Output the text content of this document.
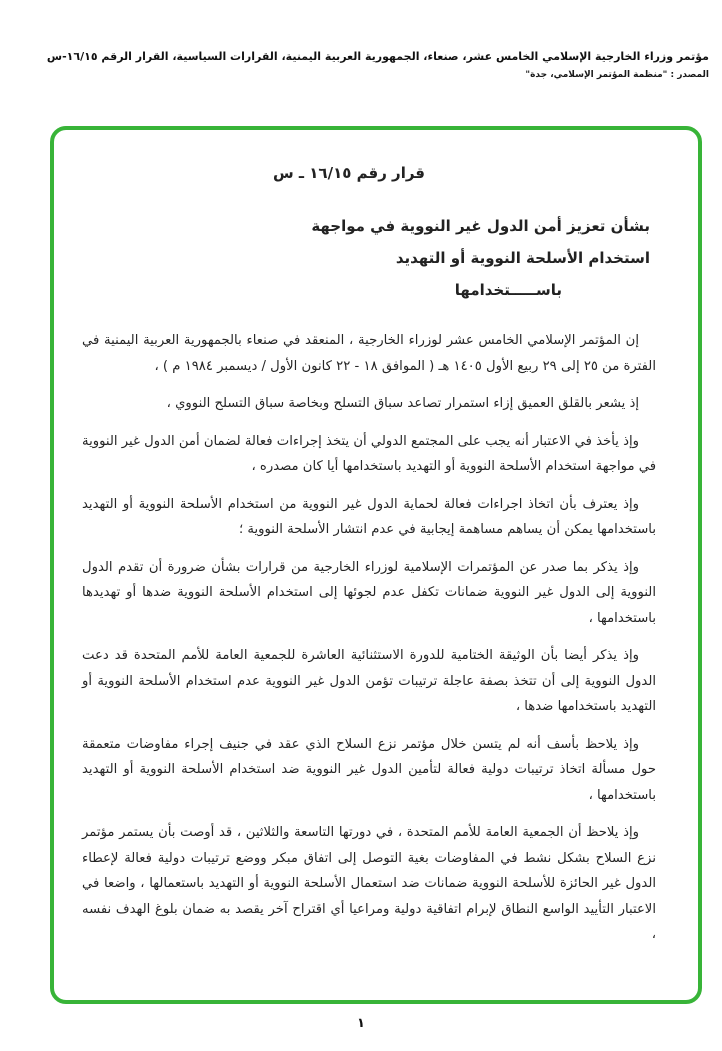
مؤتمر وزراء الخارجية الإسلامي الخامس عشر، صنعاء، الجمهورية العربية اليمنية، القرارات السياسية، القرار الرقم ١٦/١٥-س
المصدر : "منظمة المؤتمر الإسلامي، جدة"
قرار رقم ١٦/١٥ ـ س
بشأن تعزيز أمن الدول غير النووية في مواجهة
استخدام الأسلحة النووية أو التهديد
باســـــتخدامها

إن المؤتمر الإسلامي الخامس عشر لوزراء الخارجية ، المنعقد في صنعاء بالجمهورية العربية اليمنية في الفترة من ٢٥ إلى ٢٩ ربيع الأول ١٤٠٥ هـ ( الموافق ١٨ - ٢٢ كانون الأول / ديسمبر ١٩٨٤ م ) ،

إذ يشعر بالقلق العميق إزاء استمرار تصاعد سباق التسلح وبخاصة سباق التسلح النووي ،

وإذ يأخذ في الاعتبار أنه يجب على المجتمع الدولي أن يتخذ إجراءات فعالة لضمان أمن الدول غير النووية في مواجهة استخدام الأسلحة النووية أو التهديد باستخدامها أيا كان مصدره ،

وإذ يعترف بأن اتخاذ اجراءات فعالة لحماية الدول غير النووية من استخدام الأسلحة النووية أو التهديد باستخدامها يمكن أن يساهم مساهمة إيجابية في عدم انتشار الأسلحة النووية ؛

وإذ يذكر بما صدر عن المؤتمرات الإسلامية لوزراء الخارجية من قرارات بشأن ضرورة أن تقدم الدول النووية إلى الدول غير النووية ضمانات تكفل عدم لجوئها إلى استخدام الأسلحة النووية ضدها أو تهديدها باستخدامها ،

وإذ يذكر أيضا بأن الوثيقة الختامية للدورة الاستثنائية العاشرة للجمعية العامة للأمم المتحدة قد دعت الدول النووية إلى أن تتخذ بصفة عاجلة ترتيبات تؤمن الدول غير النووية عدم استخدام الأسلحة النووية أو التهديد باستخدامها ضدها ،

وإذ يلاحظ بأسف أنه لم يتسن خلال مؤتمر نزع السلاح الذي عقد في جنيف إجراء مفاوضات متعمقة حول مسألة اتخاذ ترتيبات دولية فعالة لتأمين الدول غير النووية ضد استخدام الأسلحة النووية أو التهديد باستخدامها ،

وإذ يلاحظ أن الجمعية العامة للأمم المتحدة ، في دورتها التاسعة والثلاثين ، قد أوصت بأن يستمر مؤتمر نزع السلاح بشكل نشط في المفاوضات بغية التوصل إلى اتفاق مبكر ووضع ترتيبات دولية فعالة لإعطاء الدول غير الحائزة للأسلحة النووية ضمانات ضد استعمال الأسلحة النووية أو التهديد باستعمالها ، واضعا في الاعتبار التأييد الواسع النطاق لإبرام اتفاقية دولية ومراعيا أي اقتراح آخر يقصد به ضمان بلوغ الهدف نفسه ،

١
